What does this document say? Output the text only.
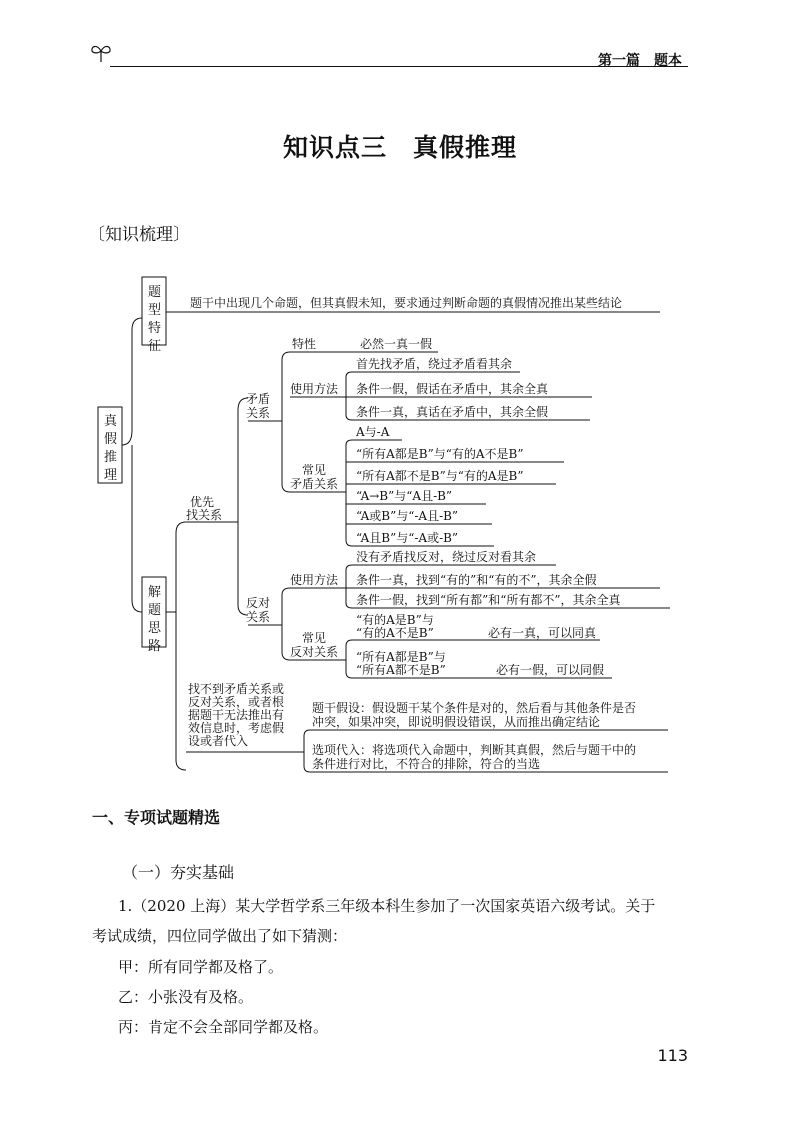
第一篇　题本
知识点三　真假推理
〔知识梳理〕
真
假
推
理
题
型
特
征
解
题
思
路
题干中出现几个命题，但其真假未知，要求通过判断命题的真假情况推出某些结论
优先
找关系
矛盾
关系
特性	必然一真一假
使用方法
首先找矛盾，绕过矛盾看其余
条件一假，假话在矛盾中，其余全真
条件一真，真话在矛盾中，其余全假
常见
矛盾关系
A与-A
“所有A都是B”与“有的A不是B”
“所有A都不是B”与“有的A是B”
“A→B”与“A且-B”
“A或B”与“-A且-B”
“A且B”与“-A或-B”
反对
关系
使用方法
没有矛盾找反对，绕过反对看其余
条件一真，找到“有的”和“有的不”，其余全假
条件一假，找到“所有都”和“所有都不”，其余全真
常见
反对关系
“有的A是B”与
“有的A不是B”	必有一真，可以同真
“所有A都是B”与
“所有A都不是B”	必有一假，可以同假
找不到矛盾关系或
反对关系，或者根
据题干无法推出有
效信息时，考虑假
设或者代入
题干假设：假设题干某个条件是对的，然后看与其他条件是否
冲突，如果冲突，即说明假设错误，从而推出确定结论
选项代入：将选项代入命题中，判断其真假，然后与题干中的
条件进行对比，不符合的排除，符合的当选
一、专项试题精选
（一）夯实基础
1.（2020 上海）某大学哲学系三年级本科生参加了一次国家英语六级考试。关于
考试成绩，四位同学做出了如下猜测：
甲：所有同学都及格了。
乙：小张没有及格。
丙：肯定不会全部同学都及格。
113
